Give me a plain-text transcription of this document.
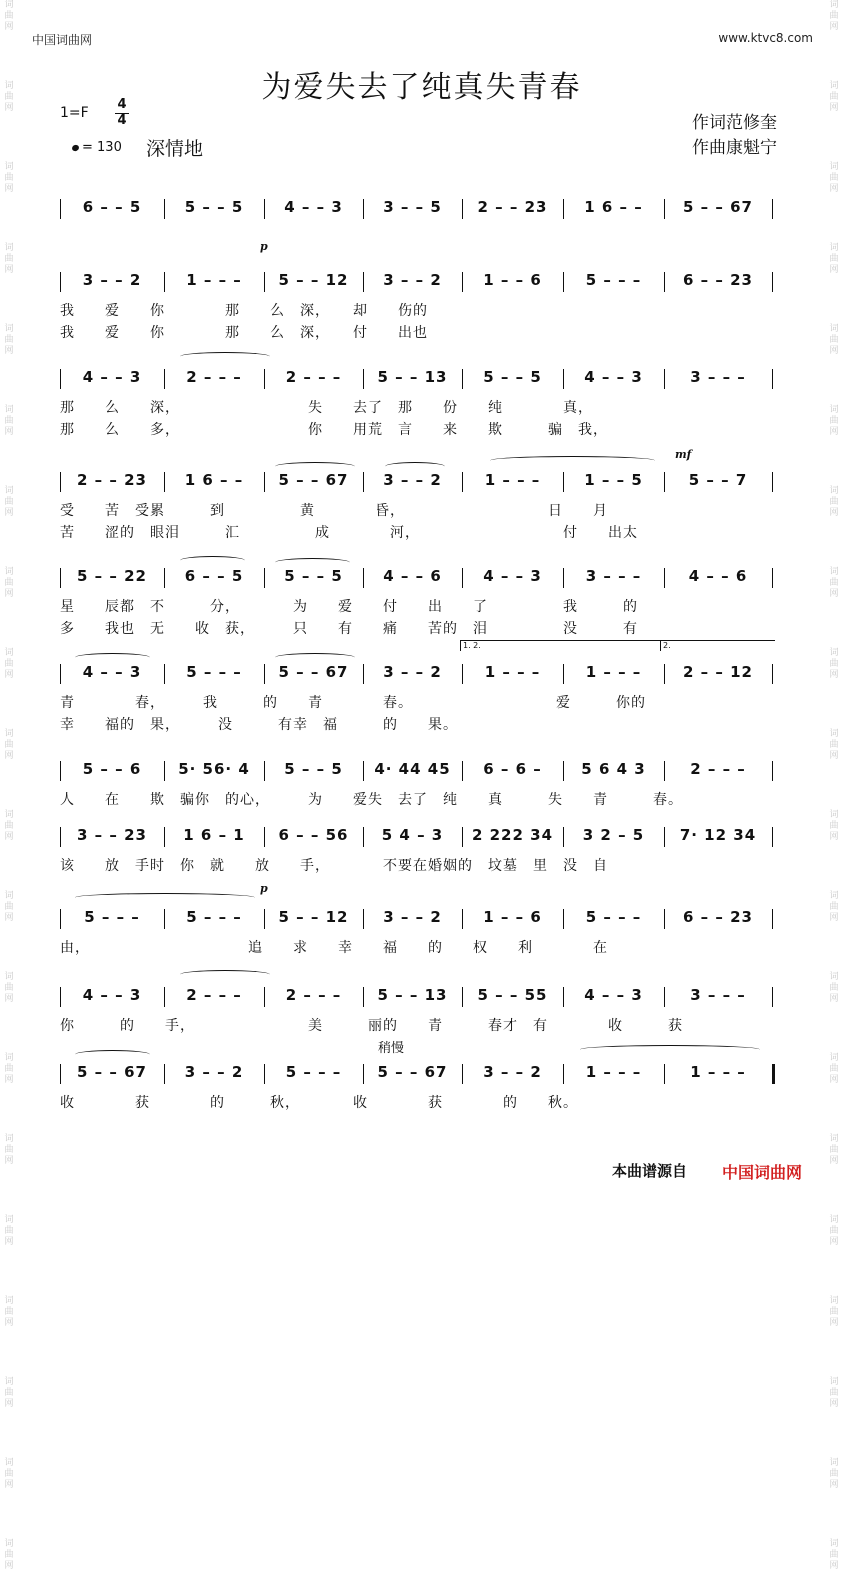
词
曲
网
词
曲
网
词
曲
网
词
曲
网
词
曲
网
词
曲
网
词
曲
网
词
曲
网
词
曲
网
词
曲
网
词
曲
网
词
曲
网
词
曲
网
词
曲
网
词
曲
网
词
曲
网
词
曲
网
词
曲
网
词
曲
网
词
曲
网
词
曲
网
词
曲
网
词
曲
网
词
曲
网
词
曲
网
词
曲
网
词
曲
网
词
曲
网
词
曲
网
词
曲
网
词
曲
网
词
曲
网
词
曲
网
词
曲
网
词
曲
网
词
曲
网
词
曲
网
词
曲
网
词
曲
网
词
曲
网
中国词曲网	www.ktvc8.com
为爱失去了纯真失青春
1=F
4
4
= 130 深情地
作词范修奎
作曲康魁宁
p
mf
p
1. 2.	2.
稍慢
6 – – 5	5 – – 5	4 – – 3	3 – – 5	2 – – 23	1 6 – –	5 – – 67
3 – – 2	1 – – –	5 – – 12	3 – – 2	1 – – 6	5 – – –	6 – – 23
我　　爱　　你　　　　那　　么　深，　　却　　伤的
我　　爱　　你　　　　那　　么　深，　　付　　出也
4 – – 3	2 – – –	2 – – –	5 – – 13	5 – – 5	4 – – 3	3 – – –
那　　么　　深，　　　　　　　　　失　　去了　那　　份　　纯　　　　真，
那　　么　　多，　　　　　　　　　你　　用荒　言　　来　　欺　　　骗　我，
2 – – 23	1 6 – –	5 – – 67	3 – – 2	1 – – –	1 – – 5	5 – – 7
受　　苦　受累　　　到　　　　　黄　　　　昏，　　　　　　　　　　日　　月
苦　　涩的　眼泪　　　汇　　　　　成　　　　河，　　　　　　　　　　付　　出太
5 – – 22	6 – – 5	5 – – 5	4 – – 6	4 – – 3	3 – – –	4 – – 6
星　　辰都　不　　　分，　　　　为　　爱　　付　　出　　了　　　　　我　　　的
多　　我也　无　　收　获，　　　只　　有　　痛　　苦的　泪　　　　　没　　　有
4 – – 3	5 – – –	5 – – 67	3 – – 2	1 – – –	1 – – –	2 – – 12
青　　　　春，　　　我　　　的　　青　　　　春。　　　　　　　　　　爱　　　你的
幸　　福的　果，　　　没　　　有幸　福　　　的　　果。
5 – – 6	5· 56· 4	5 – – 5	4· 44 45	6 – 6 –	5 6 4 3	2 – – –
人　　在　　欺　骗你　的心，　　　为　　爱失　去了　纯　　真　　　失　　青　　　春。
3 – – 23	1 6 – 1	6 – – 56	5 4 – 3	2 222 34	3 2 – 5	7· 12 34
该　　放　手时　你　就　　放　　手，　　　　不要在婚姻的　坟墓　里　没　自
5 – – –	5 – – –	5 – – 12	3 – – 2	1 – – 6	5 – – –	6 – – 23
由，　　　　　　　　　　　追　　求　　幸　　福　　的　　权　　利　　　　在
4 – – 3	2 – – –	2 – – –	5 – – 13	5 – – 55	4 – – 3	3 – – –
你　　　的　　手，　　　　　　　　美　　　丽的　　青　　　春才　有　　　　收　　　获
5 – – 67	3 – – 2	5 – – –	5 – – 67	3 – – 2	1 – – –	1 – – –
收　　　　获　　　　的　　　秋，　　　　收　　　　获　　　　的　　秋。
本曲谱源自 中国词曲网
